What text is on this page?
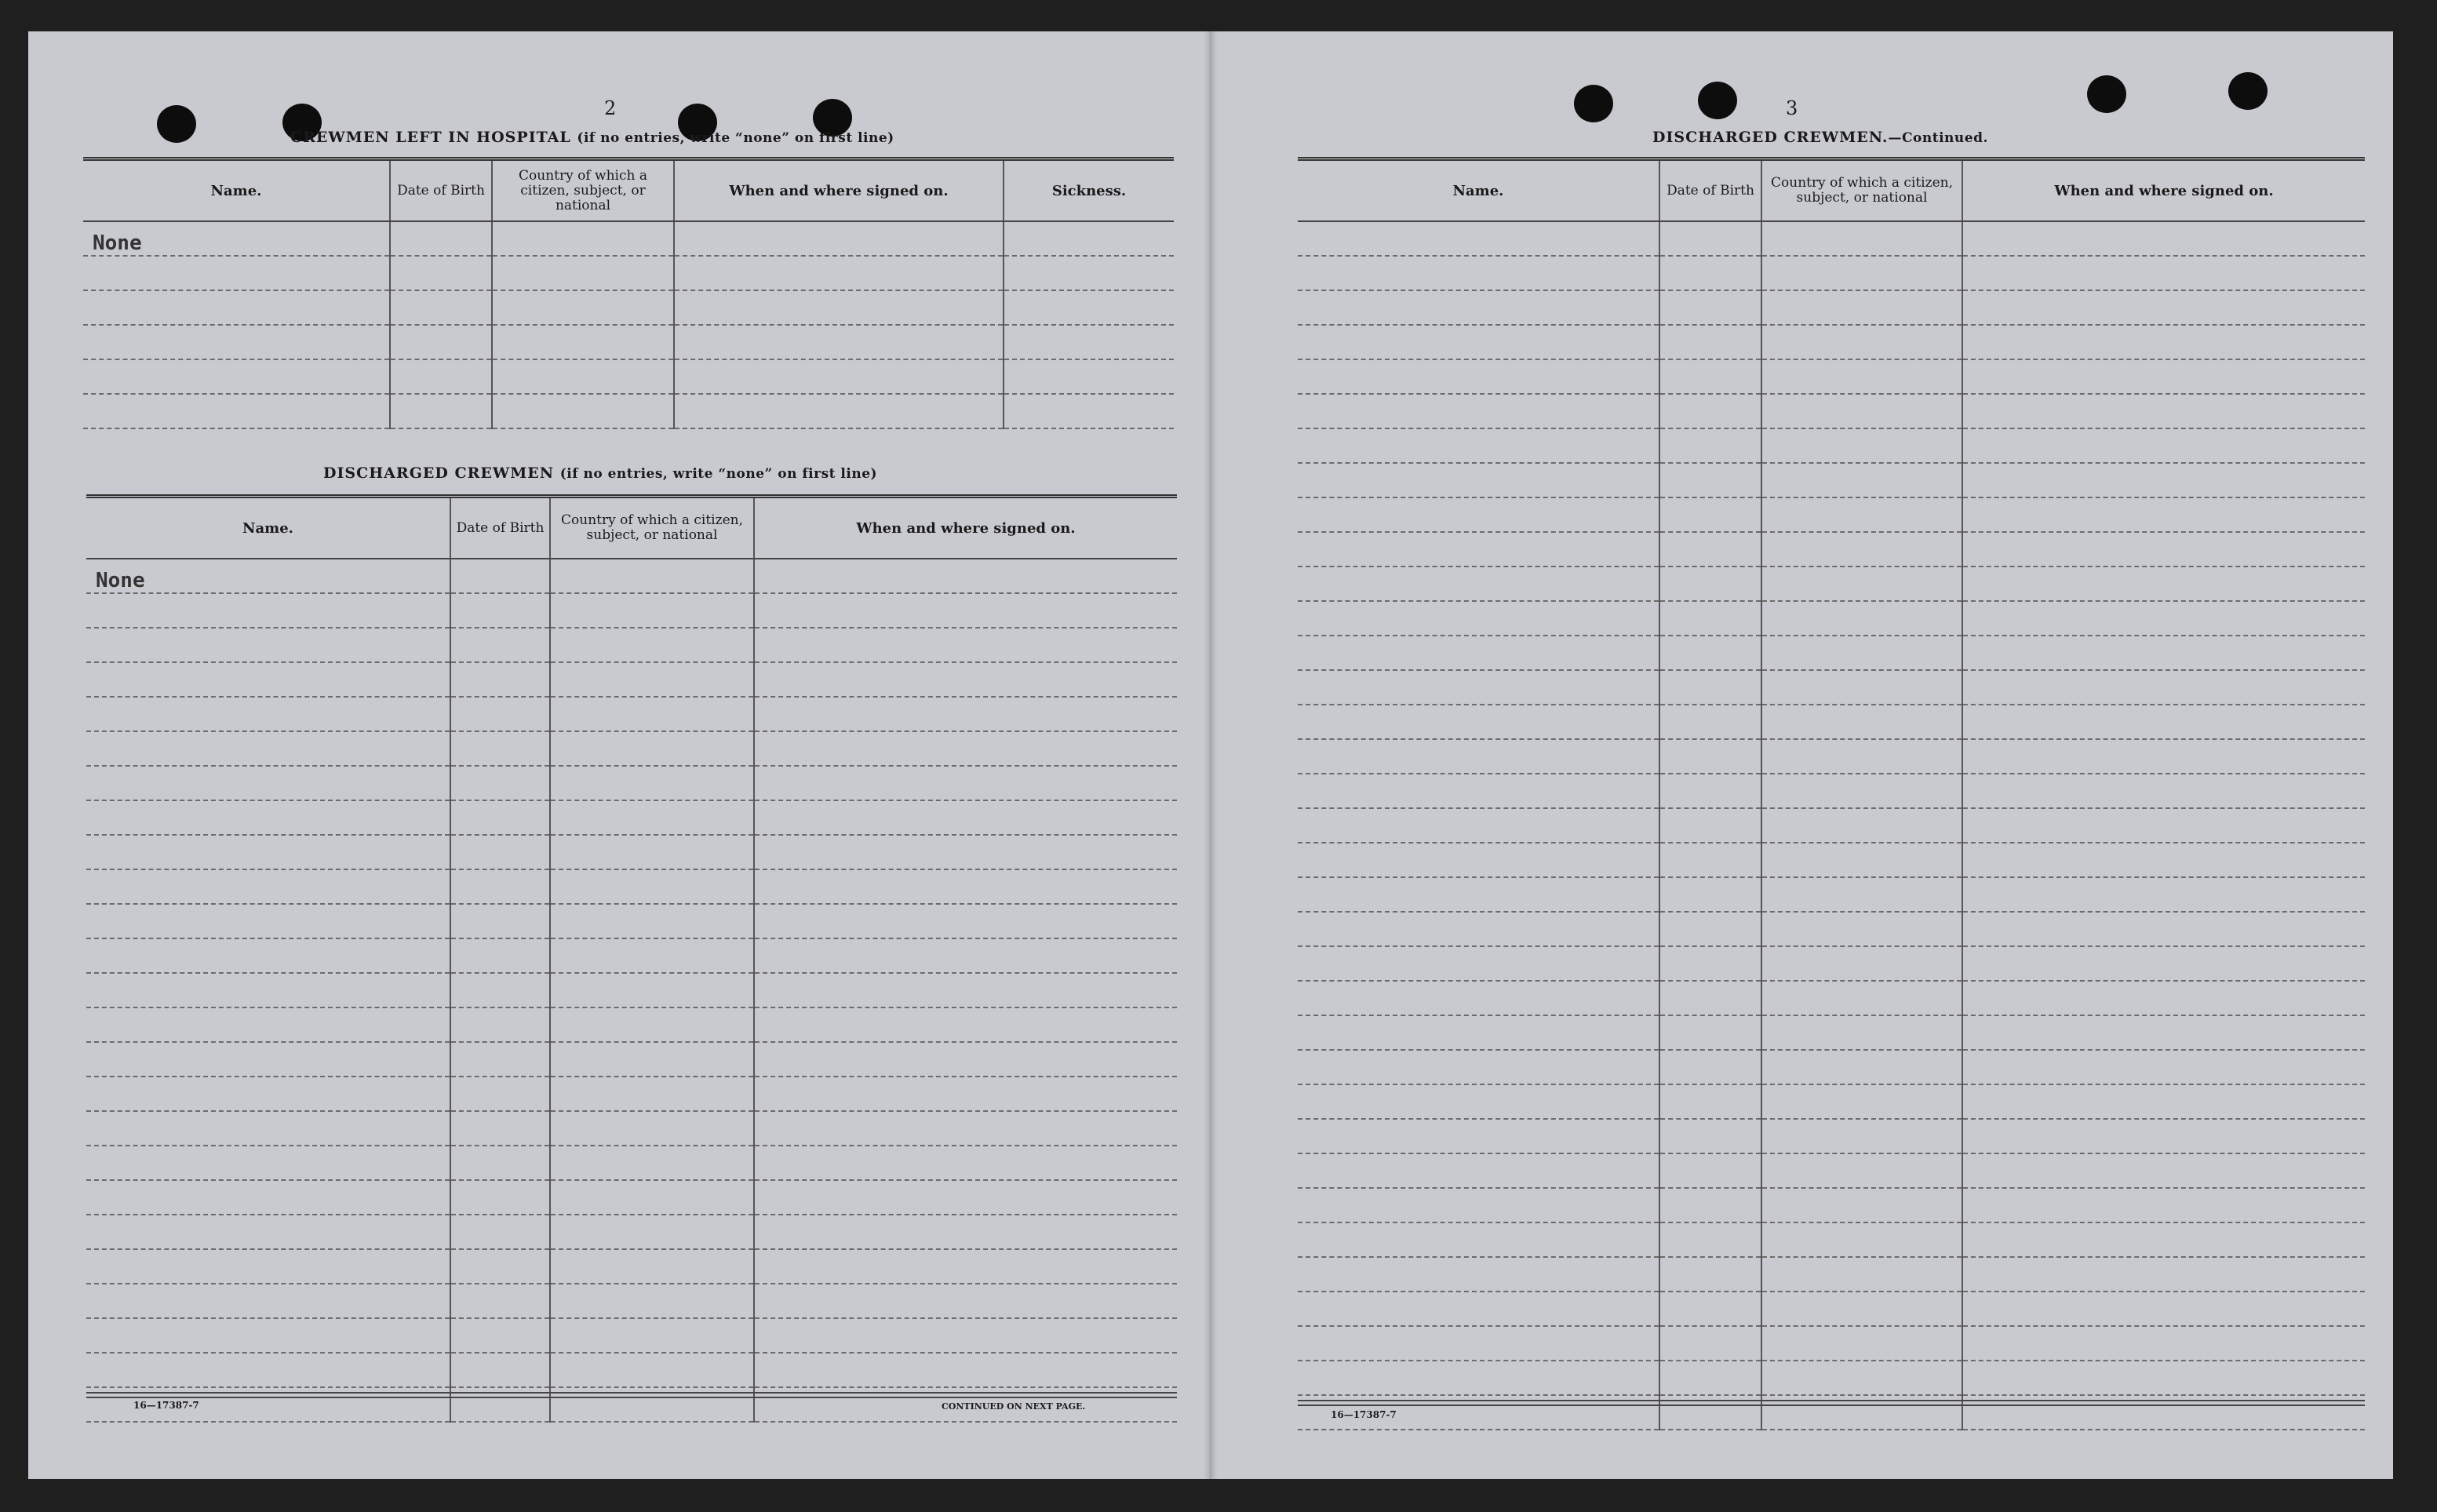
2
CREWMEN LEFT IN HOSPITAL (if no entries, write “none” on first line)
Name.	Date of Birth	Country of which a citizen, subject, or national	When and where signed on.	Sickness.
None				

DISCHARGED CREWMEN (if no entries, write “none” on first line)
Name.	Date of Birth	Country of which a citizen, subject, or national	When and where signed on.
None			

16—17387-7	CONTINUED ON NEXT PAGE.
3
DISCHARGED CREWMEN.—Continued.
Name.	Date of Birth	Country of which a citizen, subject, or national	When and where signed on.

16—17387-7
